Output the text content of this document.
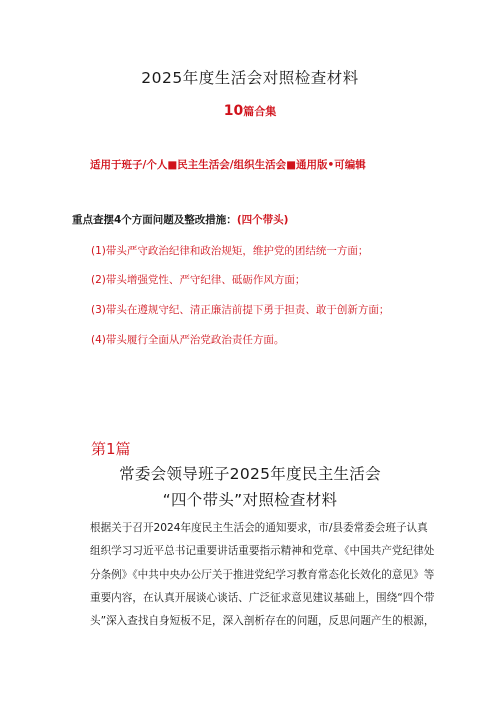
2025年度生活会对照检查材料
10篇合集
适用于班子/个人■民主生活会/组织生活会■通用版•可编辑
重点查摆4个方面问题及整改措施：(四个带头)
(1)带头严守政治纪律和政治规矩，维护党的团结统一方面；
(2)带头增强党性、严守纪律、砥砺作风方面；
(3)带头在遵规守纪、清正廉洁前提下勇于担责、敢于创新方面；
(4)带头履行全面从严治党政治责任方面。
第1篇
常委会领导班子2025年度民主生活会
“四个带头”对照检查材料
根据关于召开2024年度民主生活会的通知要求，市/县委常委会班子认真
组织学习习近平总书记重要讲话重要指示精神和党章、《中国共产党纪律处
分条例》《中共中央办公厅关于推进党纪学习教育常态化长效化的意见》等
重要内容，在认真开展谈心谈话、广泛征求意见建议基础上，围绕“四个带
头”深入查找自身短板不足，深入剖析存在的问题，反思问题产生的根源，
